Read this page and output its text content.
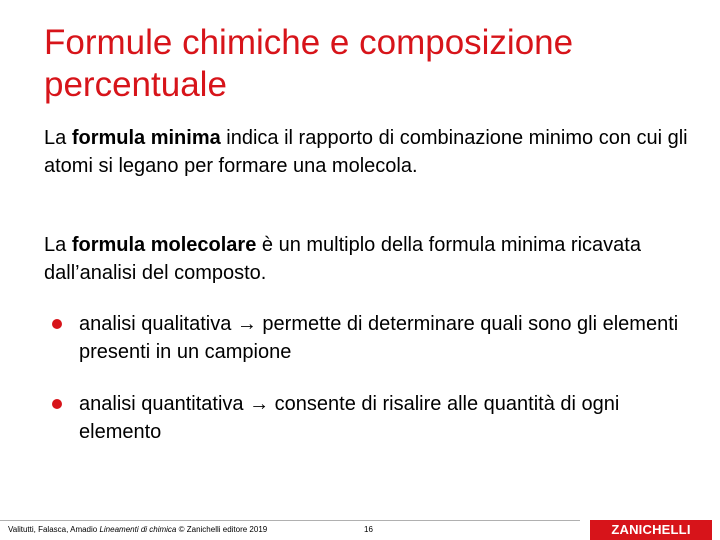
Formule chimiche e composizione percentuale

La formula minima indica il rapporto di combinazione minimo con cui gli atomi si legano per formare una molecola.

La formula molecolare è un multiplo della formula minima ricavata dall’analisi del composto.

analisi qualitativa → permette di determinare quali sono gli elementi presenti in un campione
analisi quantitativa → consente di risalire alle quantità di ogni elemento
Valitutti, Falasca, Amadio Lineamenti di chimica © Zanichelli editore 2019	16	ZANICHELLI
